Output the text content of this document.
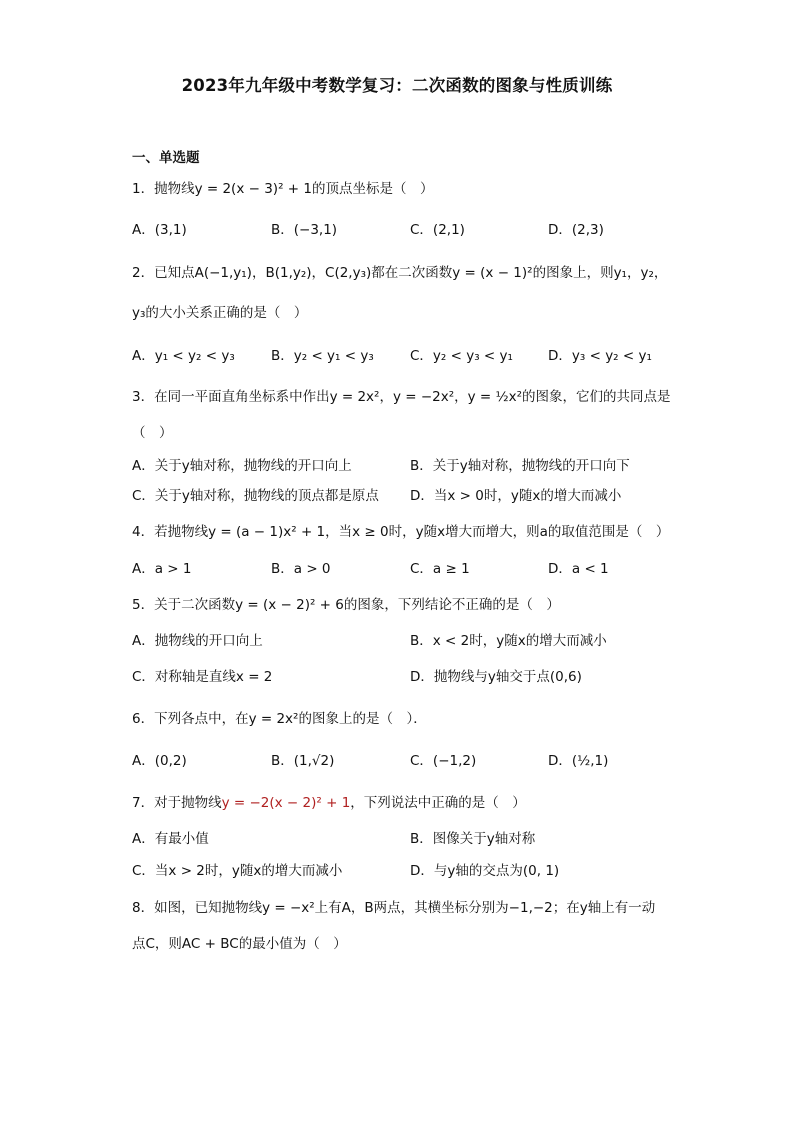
2023年九年级中考数学复习：二次函数的图象与性质训练
一、单选题
1．抛物线y = 2(x − 3)² + 1的顶点坐标是（　）
A．(3,1)	B．(−3,1)	C．(2,1)	D．(2,3)
2．已知点A(−1,y₁)，B(1,y₂)，C(2,y₃)都在二次函数y = (x − 1)²的图象上，则y₁，y₂，
y₃的大小关系正确的是（　）
A．y₁ < y₂ < y₃	B．y₂ < y₁ < y₃	C．y₂ < y₃ < y₁	D．y₃ < y₂ < y₁
3．在同一平面直角坐标系中作出y = 2x²，y = −2x²，y = ½x²的图象，它们的共同点是
（　）
A．关于y轴对称，抛物线的开口向上	B．关于y轴对称，抛物线的开口向下
C．关于y轴对称，抛物线的顶点都是原点 D．当x > 0时，y随x的增大而减小
4．若抛物线y = (a − 1)x² + 1，当x ≥ 0时，y随x增大而增大，则a的取值范围是（　）
A．a > 1	B．a > 0	C．a ≥ 1	D．a < 1
5．关于二次函数y = (x − 2)² + 6的图象，下列结论不正确的是（　）
A．抛物线的开口向上	B．x < 2时，y随x的增大而减小
C．对称轴是直线x = 2	D．抛物线与y轴交于点(0,6)
6．下列各点中，在y = 2x²的图象上的是（　）．
A．(0,2)	B．(1,√2)	C．(−1,2)	D．(½,1)
7．对于抛物线y = −2(x − 2)² + 1，下列说法中正确的是（　）
A．有最小值	B．图像关于y轴对称
C．当x > 2时，y随x的增大而减小	D．与y轴的交点为(0, 1)
8．如图，已知抛物线y = −x²上有A，B两点，其横坐标分别为−1,−2；在y轴上有一动
点C，则AC + BC的最小值为（　）
